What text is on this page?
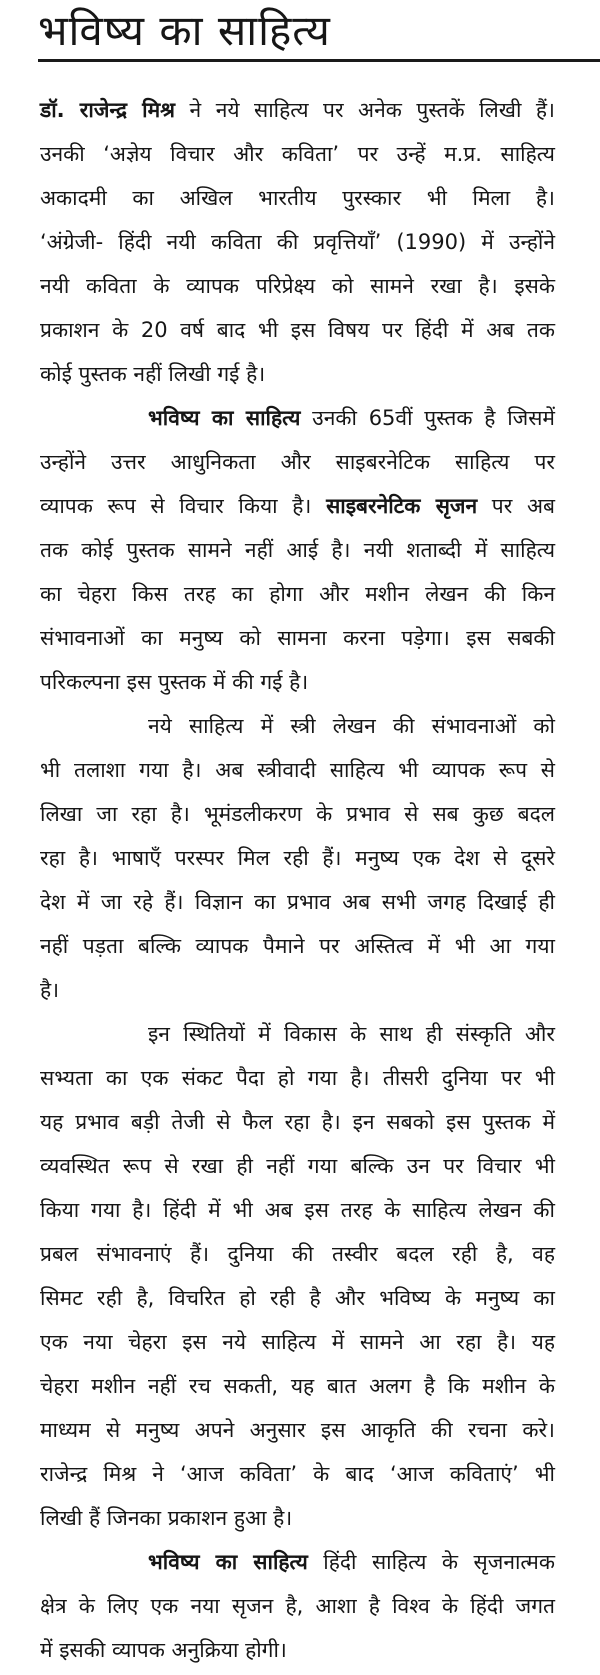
भविष्य का साहित्य
डॉ. राजेन्द्र मिश्र ने नये साहित्य पर अनेक पुस्तकें लिखी हैं।
उनकी ‘अज्ञेय विचार और कविता’ पर उन्हें म.प्र. साहित्य
अकादमी का अखिल भारतीय पुरस्कार भी मिला है।
‘अंग्रेजी- हिंदी नयी कविता की प्रवृत्तियाँ’ (1990) में उन्होंने
नयी कविता के व्यापक परिप्रेक्ष्य को सामने रखा है। इसके
प्रकाशन के 20 वर्ष बाद भी इस विषय पर हिंदी में अब तक
कोई पुस्तक नहीं लिखी गई है।
भविष्य का साहित्य उनकी 65वीं पुस्तक है जिसमें
उन्होंने उत्तर आधुनिकता और साइबरनेटिक साहित्य पर
व्यापक रूप से विचार किया है। साइबरनेटिक सृजन पर अब
तक कोई पुस्तक सामने नहीं आई है। नयी शताब्दी में साहित्य
का चेहरा किस तरह का होगा और मशीन लेखन की किन
संभावनाओं का मनुष्य को सामना करना पड़ेगा। इस सबकी
परिकल्पना इस पुस्तक में की गई है।
नये साहित्य में स्त्री लेखन की संभावनाओं को
भी तलाशा गया है। अब स्त्रीवादी साहित्य भी व्यापक रूप से
लिखा जा रहा है। भूमंडलीकरण के प्रभाव से सब कुछ बदल
रहा है। भाषाएँ परस्पर मिल रही हैं। मनुष्य एक देश से दूसरे
देश में जा रहे हैं। विज्ञान का प्रभाव अब सभी जगह दिखाई ही
नहीं पड़ता बल्कि व्यापक पैमाने पर अस्तित्व में भी आ गया
है।
इन स्थितियों में विकास के साथ ही संस्कृति और
सभ्यता का एक संकट पैदा हो गया है। तीसरी दुनिया पर भी
यह प्रभाव बड़ी तेजी से फैल रहा है। इन सबको इस पुस्तक में
व्यवस्थित रूप से रखा ही नहीं गया बल्कि उन पर विचार भी
किया गया है। हिंदी में भी अब इस तरह के साहित्य लेखन की
प्रबल संभावनाएं हैं। दुनिया की तस्वीर बदल रही है, वह
सिमट रही है, विचरित हो रही है और भविष्य के मनुष्य का
एक नया चेहरा इस नये साहित्य में सामने आ रहा है। यह
चेहरा मशीन नहीं रच सकती, यह बात अलग है कि मशीन के
माध्यम से मनुष्य अपने अनुसार इस आकृति की रचना करे।
राजेन्द्र मिश्र ने ‘आज कविता’ के बाद ‘आज कविताएं’ भी
लिखी हैं जिनका प्रकाशन हुआ है।
भविष्य का साहित्य हिंदी साहित्य के सृजनात्मक
क्षेत्र के लिए एक नया सृजन है, आशा है विश्व के हिंदी जगत
में इसकी व्यापक अनुक्रिया होगी।
